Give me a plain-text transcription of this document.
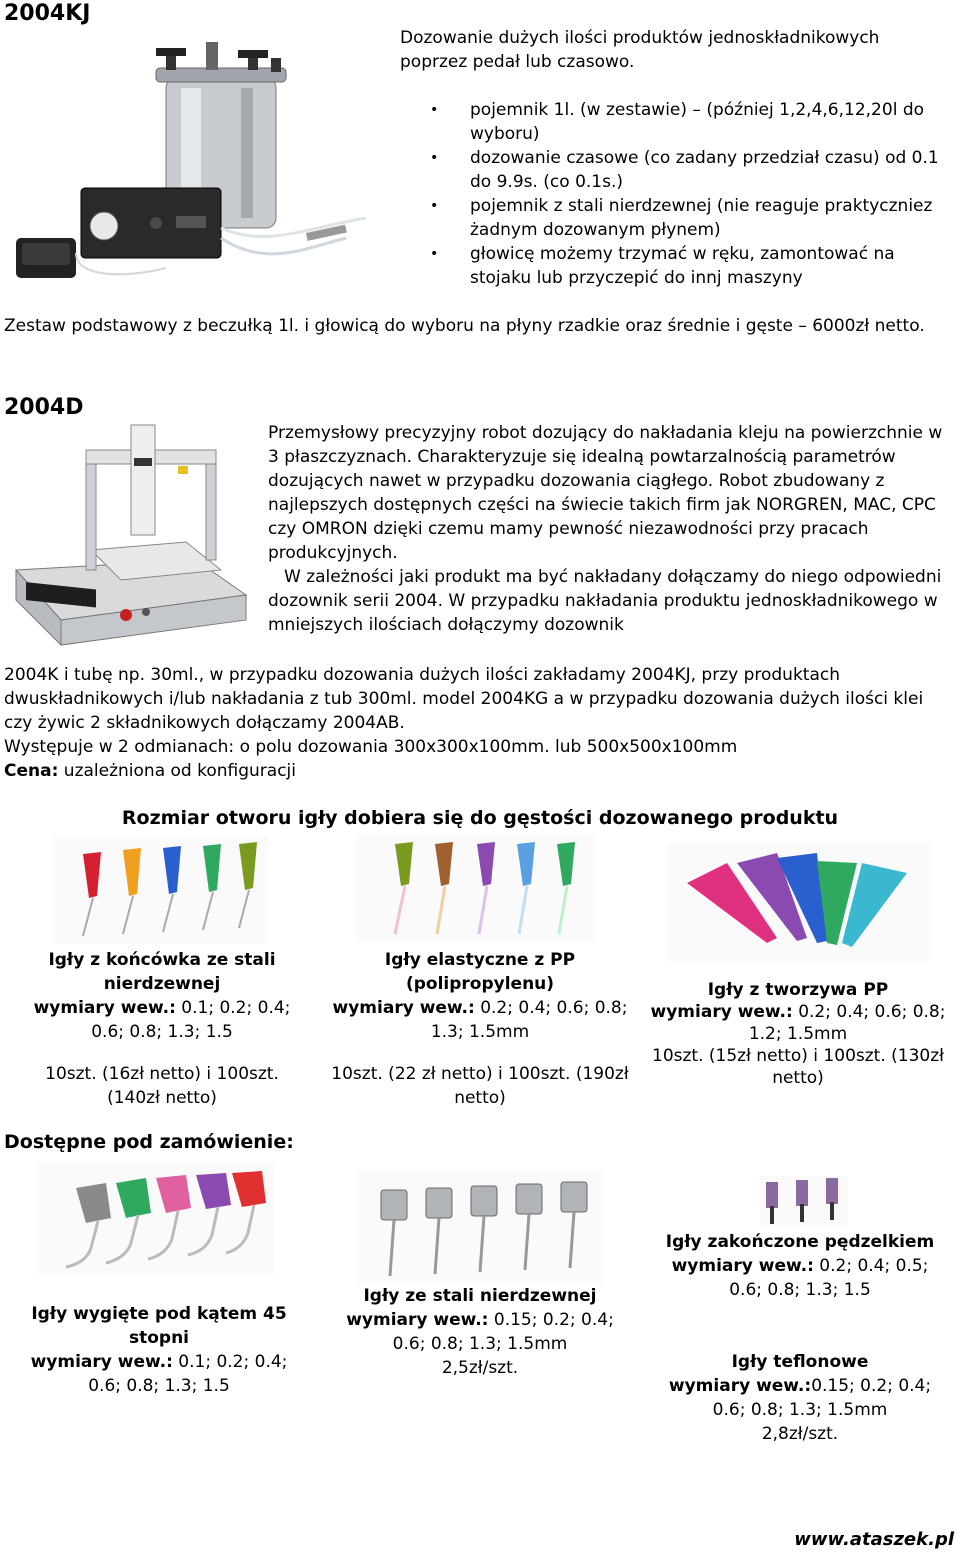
2004KJ
Dozowanie dużych ilości produktów jednoskładnikowych poprzez pedał lub czasowo.
• pojemnik 1l. (w zestawie) – (później 1,2,4,6,12,20l do wyboru)
• dozowanie czasowe (co zadany przedział czasu) od 0.1 do 9.9s. (co 0.1s.)
• pojemnik z stali nierdzewnej (nie reaguje praktyczniez żadnym dozowanym płynem)
• głowicę możemy trzymać w ręku, zamontować na stojaku lub przyczepić do innj maszyny
Zestaw podstawowy z beczułką 1l. i głowicą do wyboru na płyny rzadkie oraz średnie i gęste – 6000zł netto.
2004D
Przemysłowy precyzyjny robot dozujący do nakładania kleju na powierzchnie w 3 płaszczyznach. Charakteryzuje się idealną powtarzalnością parametrów dozujących nawet w przypadku dozowania ciągłego. Robot zbudowany z najlepszych dostępnych części na świecie takich firm jak NORGREN, MAC, CPC czy OMRON dzięki czemu mamy pewność niezawodności przy pracach produkcyjnych.
W zależności jaki produkt ma być nakładany dołączamy do niego odpowiedni dozownik serii 2004. W przypadku nakładania produktu jednoskładnikowego w mniejszych ilościach dołączymy dozownik
2004K i tubę np. 30ml., w przypadku dozowania dużych ilości zakładamy 2004KJ, przy produktach dwuskładnikowych i/lub nakładania z tub 300ml. model 2004KG a w przypadku dozowania dużych ilości klei czy żywic 2 składnikowych dołączamy 2004AB.
Występuje w 2 odmianach: o polu dozowania 300x300x100mm. lub 500x500x100mm
Cena: uzależniona od konfiguracji
Rozmiar otworu igły dobiera się do gęstości dozowanego produktu
Igły z końcówka ze stali nierdzewnej
wymiary wew.: 0.1; 0.2; 0.4; 0.6; 0.8; 1.3; 1.5
10szt. (16zł netto) i 100szt. (140zł netto)
Igły elastyczne z PP (polipropylenu)
wymiary wew.: 0.2; 0.4; 0.6; 0.8; 1.3; 1.5mm
10szt. (22 zł netto) i 100szt. (190zł netto)
Igły z tworzywa PP
wymiary wew.: 0.2; 0.4; 0.6; 0.8; 1.2; 1.5mm
10szt. (15zł netto) i 100szt. (130zł netto)
Dostępne pod zamówienie:
Igły wygięte pod kątem 45 stopni
wymiary wew.: 0.1; 0.2; 0.4; 0.6; 0.8; 1.3; 1.5
Igły ze stali nierdzewnej
wymiary wew.: 0.15; 0.2; 0.4; 0.6; 0.8; 1.3; 1.5mm
2,5zł/szt.
Igły zakończone pędzelkiem
wymiary wew.: 0.2; 0.4; 0.5; 0.6; 0.8; 1.3; 1.5
Igły teflonowe
wymiary wew.:0.15; 0.2; 0.4; 0.6; 0.8; 1.3; 1.5mm
2,8zł/szt.
www.ataszek.pl
